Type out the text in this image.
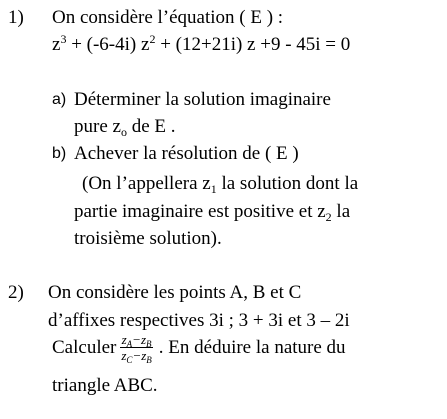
1) On considère l’équation ( E ) :
$z^3 + (-6-4i) z^2 + (12+21i)$ z +9 - 45i = 0
a) Déterminer la solution imaginaire
pure $z_o$ de E .
b) Achever la résolution de ( E )
(On l’appellera $z_1$ la solution dont la
partie imaginaire est positive et $z_2$ la
troisième solution).
2) On considère les points A, B et C
d’affixes respectives 3i ; 3 + 3i et 3 – 2i
Calculer $\frac{z_A-z_B}{z_C-z_B}$ . En déduire la nature du
triangle ABC.
